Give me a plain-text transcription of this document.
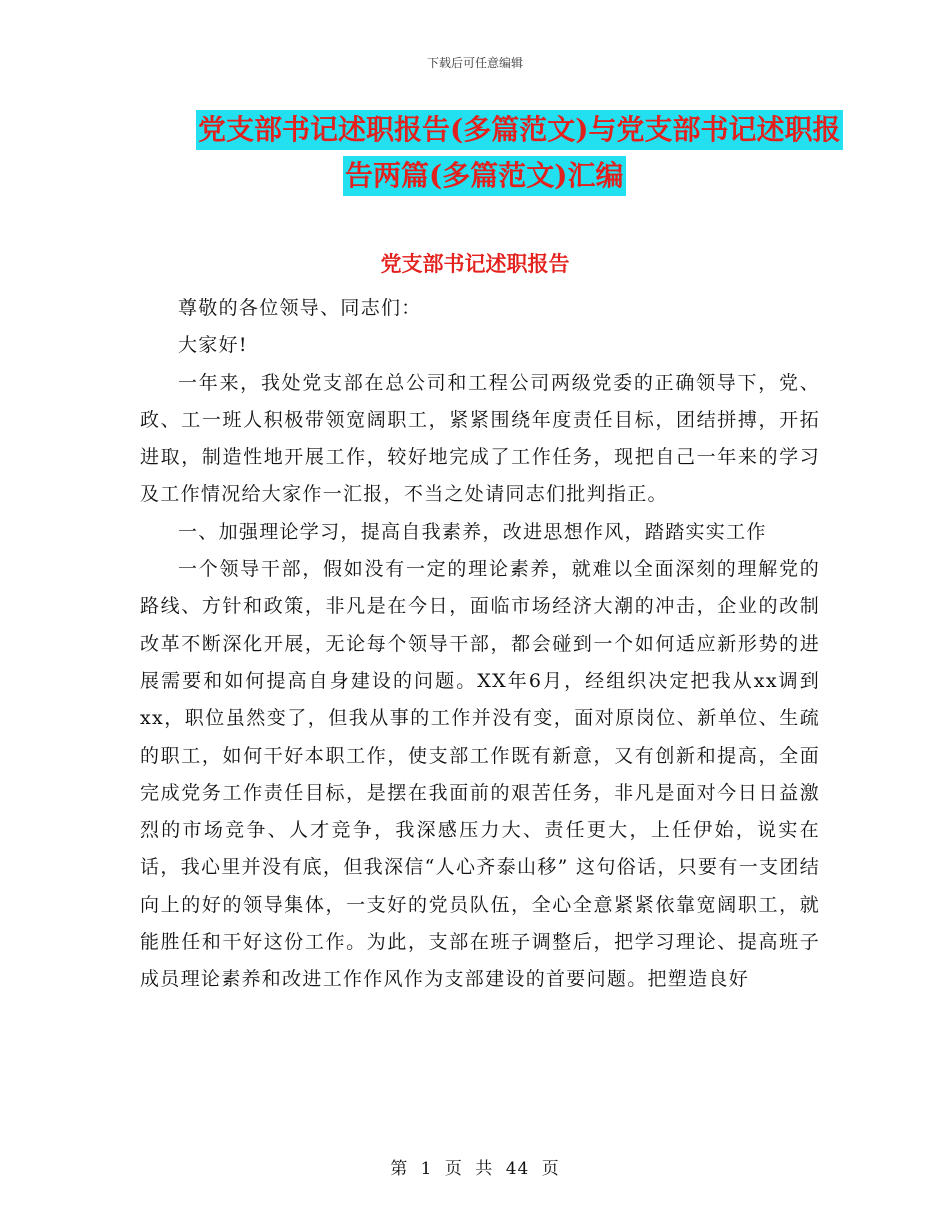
下载后可任意编辑
党支部书记述职报告(多篇范文)与党支部书记述职报
告两篇(多篇范文)汇编
党支部书记述职报告

尊敬的各位领导、同志们：

大家好!

一年来，我处党支部在总公司和工程公司两级党委的正确领导下，党、政、工一班人积极带领宽阔职工，紧紧围绕年度责任目标，团结拼搏，开拓进取，制造性地开展工作，较好地完成了工作任务，现把自己一年来的学习及工作情况给大家作一汇报，不当之处请同志们批判指正。

一、加强理论学习，提高自我素养，改进思想作风，踏踏实实工作

一个领导干部，假如没有一定的理论素养，就难以全面深刻的理解党的路线、方针和政策，非凡是在今日，面临市场经济大潮的冲击，企业的改制改革不断深化开展，无论每个领导干部，都会碰到一个如何适应新形势的进展需要和如何提高自身建设的问题。XX年6月，经组织决定把我从xx调到xx，职位虽然变了，但我从事的工作并没有变，面对原岗位、新单位、生疏的职工，如何干好本职工作，使支部工作既有新意，又有创新和提高，全面完成党务工作责任目标，是摆在我面前的艰苦任务，非凡是面对今日日益激烈的市场竞争、人才竞争，我深感压力大、责任更大，上任伊始，说实在话，我心里并没有底，但我深信“人心齐泰山移” 这句俗话，只要有一支团结向上的好的领导集体，一支好的党员队伍，全心全意紧紧依靠宽阔职工，就能胜任和干好这份工作。为此，支部在班子调整后，把学习理论、提高班子成员理论素养和改进工作作风作为支部建设的首要问题。把塑造良好

第 1 页 共 44 页
